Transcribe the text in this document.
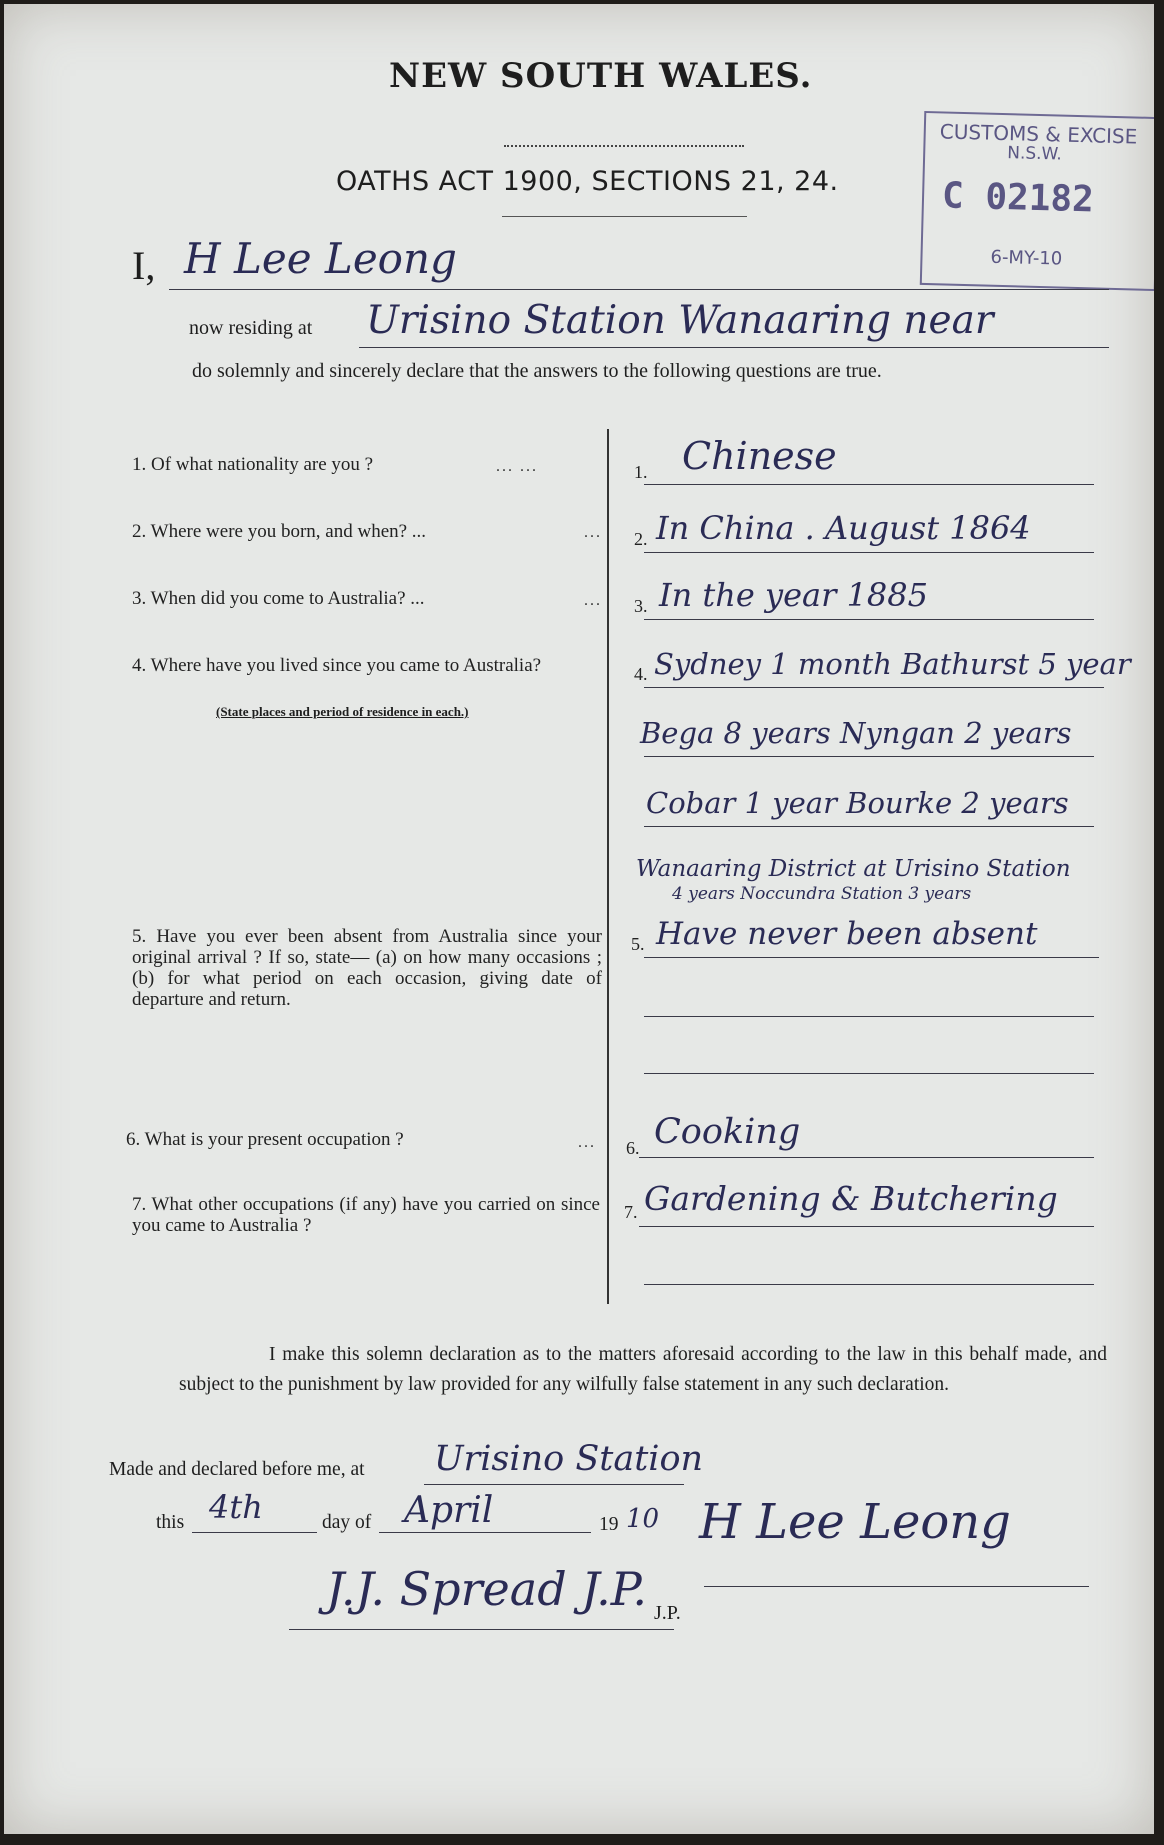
NEW SOUTH WALES.
OATHS ACT 1900, SECTIONS 21, 24.
CUSTOMS & EXCISE
N.S.W.
C 02182
6-MY-10
I, H Lee Leong
now residing at Urisino Station Wanaaring near
do solemnly and sincerely declare that the answers to the following questions are true.
1. Of what nationality are you ?	... ...	1. Chinese
2. Where were you born, and when? ...	... 2. In China . August 1864
3. When did you come to Australia? ...	... 3. In the year 1885
4. Where have you lived since you came to Australia?
(State places and period of residence in each.)
4. Sydney 1 month Bathurst 5 year
Bega 8 years Nyngan 2 years
Cobar 1 year Bourke 2 years
Wanaaring District at Urisino Station
4 years Noccundra Station 3 years
5. Have you ever been absent from Australia since your original arrival ? If so, state— (a) on how many occasions ; (b) for what period on each occasion, giving date of departure and return.
5. Have never been absent
6. What is your present occupation ?	... 6. Cooking
7. What other occupations (if any) have you carried on since you came to Australia ?
7. Gardening & Butchering
I make this solemn declaration as to the matters aforesaid according to the law in this behalf made, and subject to the punishment by law provided for any wilfully false statement in any such declaration.
Made and declared before me, at Urisino Station
this 4th	day of April	19 10 H Lee Leong
J.J. Spread J.P. J.P.
